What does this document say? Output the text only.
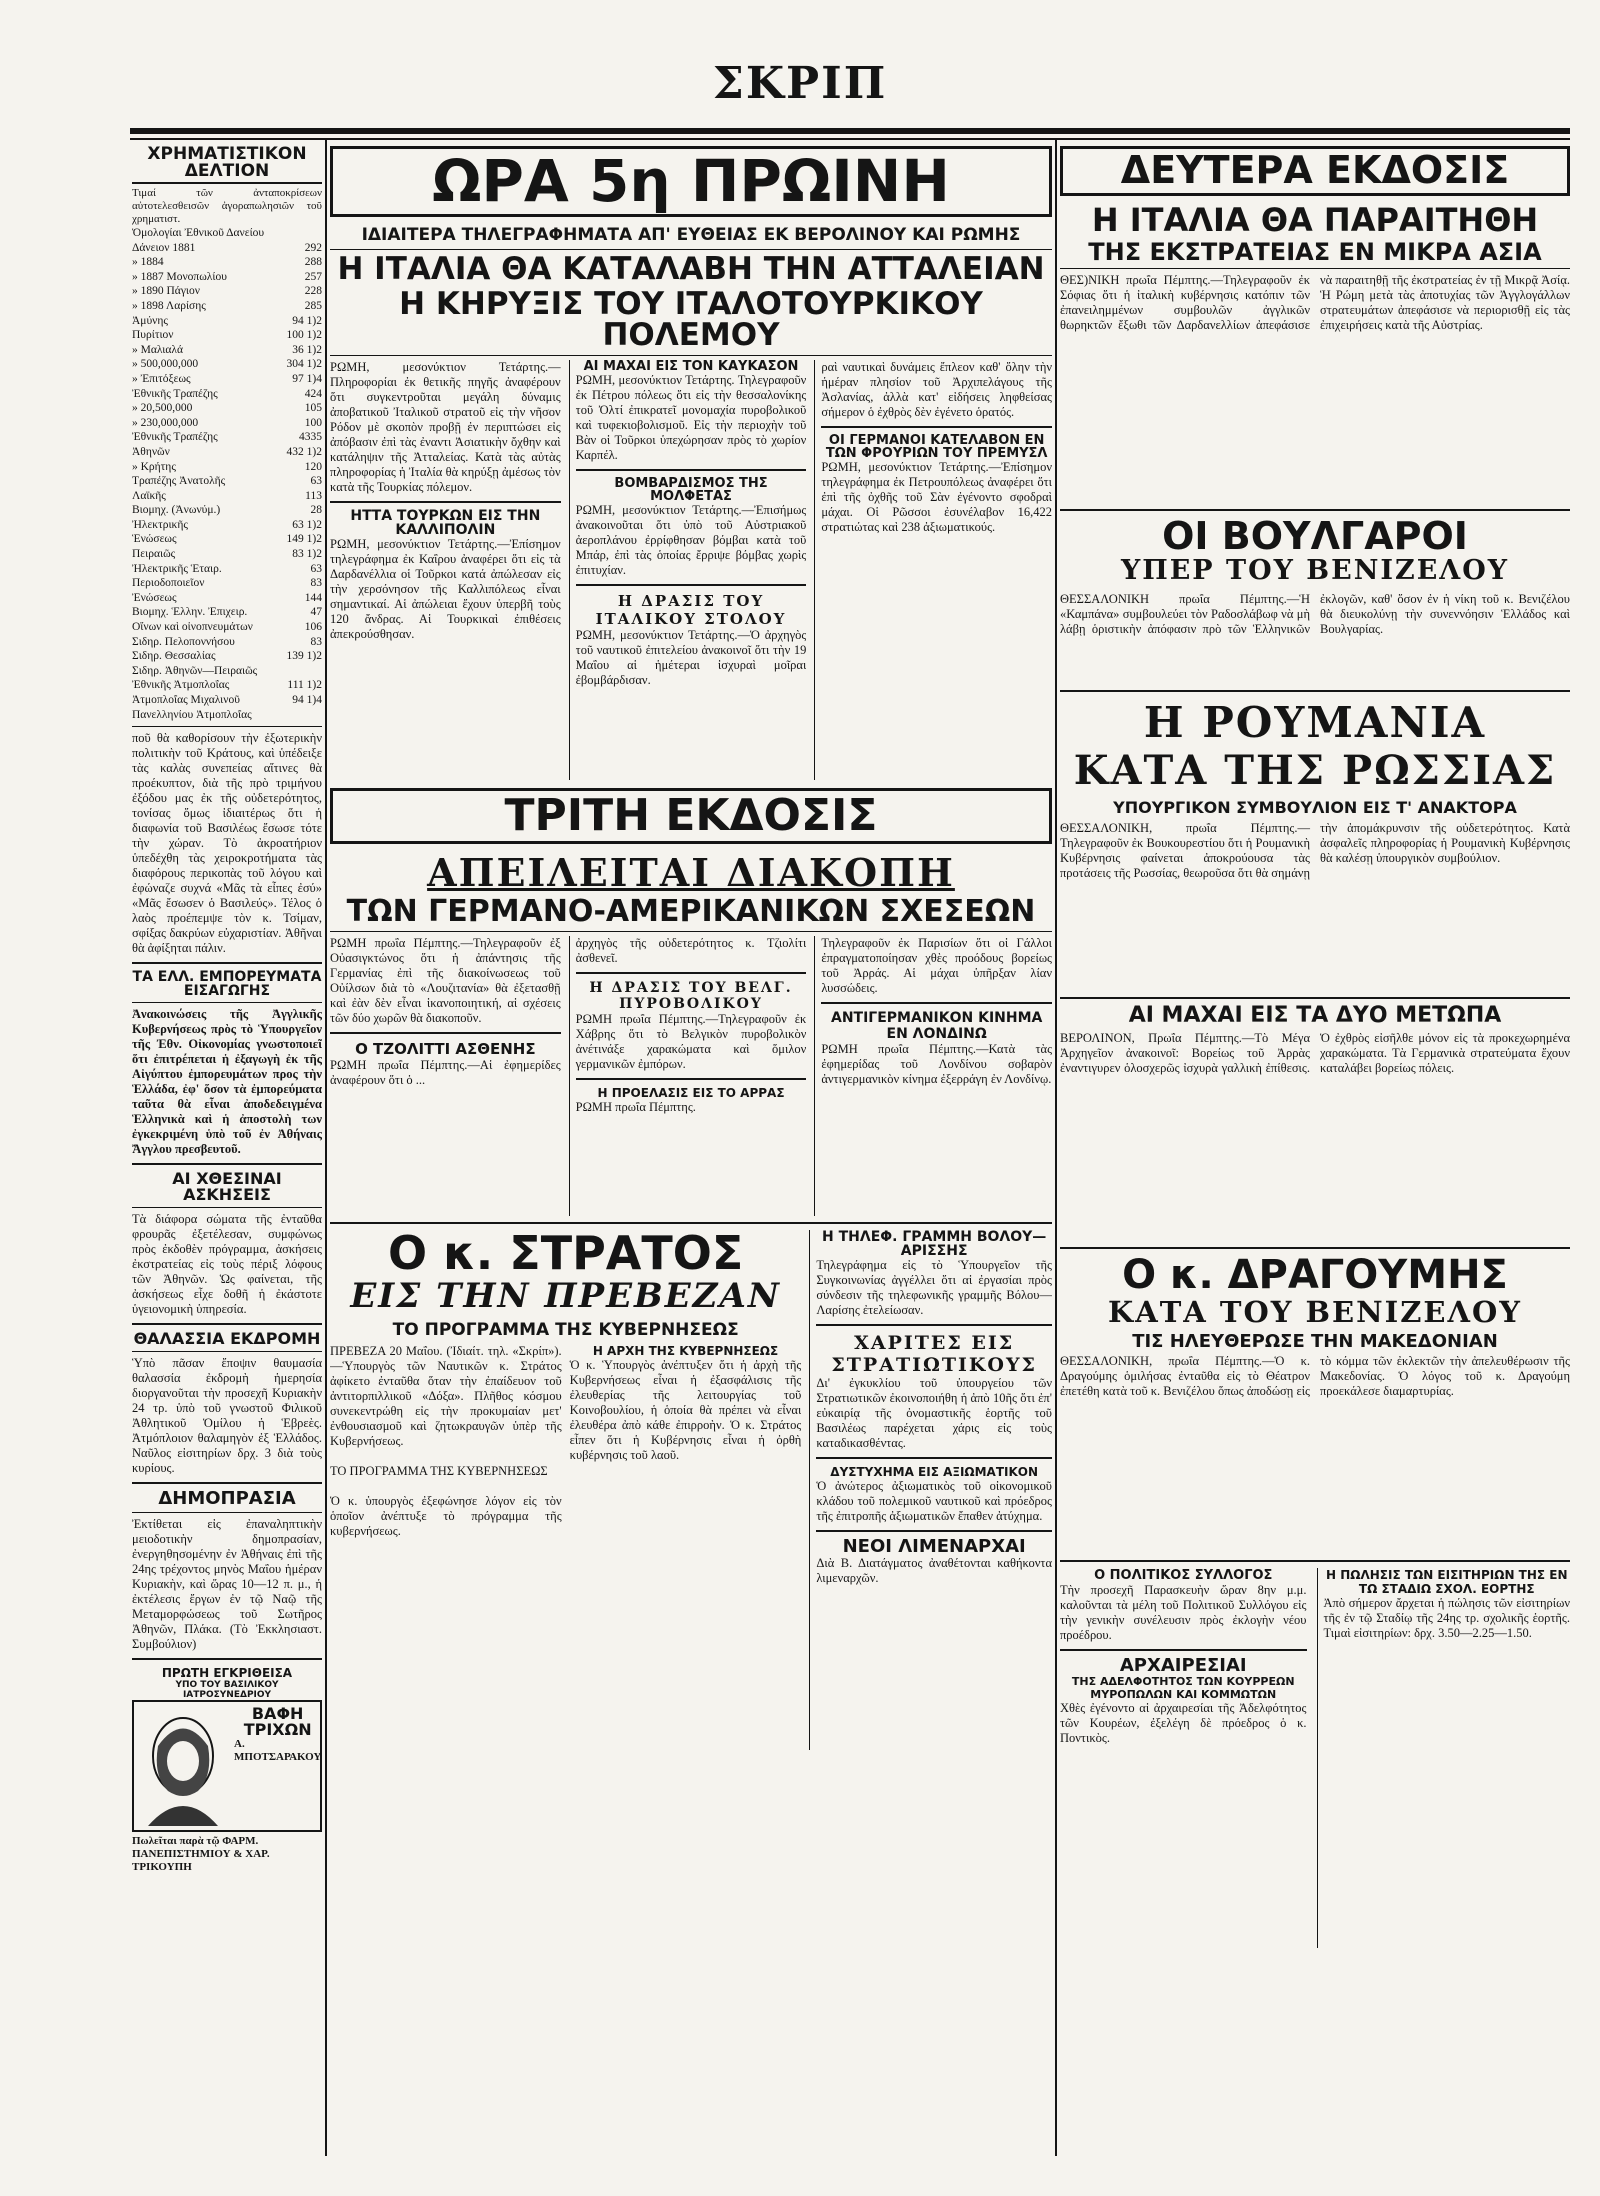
ΣΚΡΙΠ
ΧΡΗΜΑΤΙΣΤΙΚΟΝ ΔΕΛΤΙΟΝ
Τιμαί τῶν ἀνταποκρίσεων αὐτοτελεσθεισῶν ἀγοραπωλησιῶν τοῦ χρηματιστ.
Ὁμολογίαι Ἐθνικοῦ Δανείου
Δάνειον 1881	292
» 1884	288
» 1887 Μονοπωλίου	257
» 1890 Πάγιον	228
» 1898 Λαρίσης	285
Ἀμύνης	94 1)2
Πυρίτιον	100 1)2
» Μαλιαλά	36 1)2
» 500,000,000	304 1)2
» Ἐπιτόξεως	97 1)4
Ἐθνικῆς Τραπέζης	424
» 20,500,000	105
» 230,000,000	100
Ἐθνικῆς Τραπέζης	4335
Ἀθηνῶν	432 1)2
» Κρήτης	120
Τραπέζης Ἀνατολῆς	63
Λαϊκῆς	113
Βιομηχ. (Ἀνωνύμ.)	28
Ἠλεκτρικῆς	63 1)2
Ἑνώσεως	149 1)2
Πειραιῶς	83 1)2
Ἠλεκτρικῆς Ἑταιρ.	63
Περιοδοποιεῖον	83
Ἐνώσεως	144
Βιομηχ. Ἑλλην. Ἐπιχειρ.	47
Οἴνων καὶ οἰνοπνευμάτων	106
Σιδηρ. Πελοποννήσου	83
Σιδηρ. Θεσσαλίας	139 1)2
Σιδηρ. Ἀθηνῶν—Πειραιῶς
Ἐθνικῆς Ἀτμοπλοΐας	111 1)2
Ἀτμοπλοΐας Μιχαλινοῦ	94 1)4
Πανελληνίου Ἀτμοπλοΐας
ποῦ θὰ καθορίσουν τὴν ἐξωτερικὴν πολιτικὴν τοῦ Κράτους, καὶ ὑπέδειξε τὰς καλὰς συνεπείας αἵτινες θὰ προέκυπτον, διὰ τῆς πρὸ τριμήνου ἐξόδου μας ἐκ τῆς οὐδετερότητος, τονίσας ὅμως ἰδιαιτέρως ὅτι ἡ διαφωνία τοῦ Βασιλέως ἔσωσε τότε τὴν χώραν. Τὸ ἀκροατήριον ὑπεδέχθη τὰς χειροκροτήματα τὰς διαφόρους περικοπὰς τοῦ λόγου καὶ ἐφώναζε συχνά «Μᾶς τὰ εἶπες ἐσύ» «Μᾶς ἔσωσεν ὁ Βασιλεύς». Τέλος ὁ λαὸς προέπεμψε τὸν κ. Τσίμαν, σφίξας δακρύων εὐχαριστίαν. Ἀθῆναι θὰ ἀφίξηται πάλιν.
ΤΑ ΕΛΛ. ΕΜΠΟΡΕΥΜΑΤΑ ΕΙΣΑΓΩΓΗΣ
Ἀνακοινώσεις τῆς Ἀγγλικῆς Κυβερνήσεως πρὸς τὸ Ὑπουργεῖον τῆς Ἐθν. Οἰκονομίας γνωστοποιεῖ ὅτι ἐπιτρέπεται ἡ ἐξαγωγὴ ἐκ τῆς Αἰγύπτου ἐμπορευμάτων προς τὴν Ἑλλάδα, ἐφ' ὅσον τὰ ἐμπορεύματα ταῦτα θὰ εἶναι ἀποδεδειγμένα Ἑλληνικὰ καὶ ἡ ἀποστολὴ των ἐγκεκριμένη ὑπὸ τοῦ ἐν Ἀθήναις Ἄγγλου πρεσβευτοῦ.
ΑΙ ΧΘΕΣΙΝΑΙ ΑΣΚΗΣΕΙΣ
Τὰ διάφορα σώματα τῆς ἐνταῦθα φρουρᾶς ἐξετέλεσαν, συμφώνως πρὸς ἐκδοθὲν πρόγραμμα, ἀσκήσεις ἐκστρατείας εἰς τοὺς πέριξ λόφους τῶν Ἀθηνῶν. Ὡς φαίνεται, τῆς ἀσκήσεως εἶχε δοθῆ ἡ ἐκάστοτε ὑγειονομικὴ ὑπηρεσία.
ΘΑΛΑΣΣΙΑ ΕΚΔΡΟΜΗ
Ὑπὸ πᾶσαν ἔποψιν θαυμασία θαλασσία ἐκδρομὴ ἡμερησία διοργανοῦται τὴν προσεχῆ Κυριακὴν 24 τρ. ὑπὸ τοῦ γνωστοῦ Φιλικοῦ Ἀθλητικοῦ Ὁμίλου ἡ Ἑβρεὲς. Ἀτμόπλοιον θαλαμηγὸν ἐξ Ἑλλάδος. Ναῦλος εἰσιτηρίων δρχ. 3 διὰ τοὺς κυρίους.
ΔΗΜΟΠΡΑΣΙΑ
Ἐκτίθεται εἰς ἐπαναληπτικὴν μειοδοτικὴν δημοπρασίαν, ἐνεργηθησομένην ἐν Ἀθήναις ἐπὶ τῆς 24ης τρέχοντος μηνὸς Μαΐου ἡμέραν Κυριακὴν, καὶ ὥρας 10—12 π. μ., ἡ ἐκτέλεσις ἔργων ἐν τῷ Ναῷ τῆς Μεταμορφώσεως τοῦ Σωτῆρος Ἀθηνῶν, Πλάκα. (Τὸ Ἐκκλησιαστ. Συμβούλιον)
ΠΡΩΤΗ ΕΓΚΡΙΘΕΙΣΑ
ΥΠΟ ΤΟΥ ΒΑΣΙΛΙΚΟΥ ΙΑΤΡΟΣΥΝΕΔΡΙΟΥ
ΒΑΦΗ ΤΡΙΧΩΝ
Α. ΜΠΟΤΣΑΡΑΚΟΥ
Πωλεῖται παρὰ τῷ ΦΑΡΜ. ΠΑΝΕΠΙΣΤΗΜΙΟΥ & ΧΑΡ. ΤΡΙΚΟΥΠΗ
ΩΡΑ 5η ΠΡΩΙΝΗ
ΙΔΙΑΙΤΕΡΑ ΤΗΛΕΓΡΑΦΗΜΑΤΑ ΑΠ' ΕΥΘΕΙΑΣ ΕΚ ΒΕΡΟΛΙΝΟΥ ΚΑΙ ΡΩΜΗΣ
Η ΙΤΑΛΙΑ ΘΑ ΚΑΤΑΛΑΒΗ ΤΗΝ ΑΤΤΑΛΕΙΑΝ
Η ΚΗΡΥΞΙΣ ΤΟΥ ΙΤΑΛΟΤΟΥΡΚΙΚΟΥ ΠΟΛΕΜΟΥ
ΡΩΜΗ, μεσονύκτιον Τετάρτης.—Πληροφορίαι ἐκ θετικῆς πηγῆς ἀναφέρουν ὅτι συγκεντροῦται μεγάλη δύναμις ἀποβατικοῦ Ἰταλικοῦ στρατοῦ εἰς τὴν νῆσον Ρόδον μὲ σκοπὸν προβῇ ἐν περιπτώσει εἰς ἀπόβασιν ἐπὶ τὰς ἐναντι Ἀσιατικὴν ὄχθην καὶ κατάληψιν τῆς Ἀτταλείας. Κατὰ τὰς αὐτὰς πληροφορίας ἡ Ἰταλία θὰ κηρύξῃ ἀμέσως τὸν κατὰ τῆς Τουρκίας πόλεμον.
ΗΤΤΑ ΤΟΥΡΚΩΝ ΕΙΣ ΤΗΝ ΚΑΛΛΙΠΟΛΙΝ
ΡΩΜΗ, μεσονύκτιον Τετάρτης.—Ἐπίσημον τηλεγράφημα ἐκ Καΐρου ἀναφέρει ὅτι εἰς τὰ Δαρδανέλλια οἱ Τοῦρκοι κατά ἀπώλεσαν εἰς τὴν χερσόνησον τῆς Καλλιπόλεως εἶναι σημαντικαί. Αἱ ἀπώλειαι ἔχουν ὑπερβῆ τοὺς 120 ἄνδρας. Αἱ Τουρκικαὶ ἐπιθέσεις ἀπεκρούσθησαν.
ΑΙ ΜΑΧΑΙ ΕΙΣ ΤΟΝ ΚΑΥΚΑΣΟΝ
ΡΩΜΗ, μεσονύκτιον Τετάρτης. Τηλεγραφοῦν ἐκ Πέτρου πόλεως ὅτι εἰς τὴν θεσσαλονίκης τοῦ Ὀλτί ἐπικρατεῖ μονομαχία πυροβολικοῦ καὶ τυφεκιοβολισμοῦ. Εἰς τὴν περιοχὴν τοῦ Βὰν οἱ Τοῦρκοι ὑπεχώρησαν πρὸς τὸ χωρίον Καρπέλ.
ΒΟΜΒΑΡΔΙΣΜΟΣ ΤΗΣ ΜΟΛΦΕΤΑΣ
ΡΩΜΗ, μεσονύκτιον Τετάρτης.—Ἐπισήμως ἀνακοινοῦται ὅτι ὑπὸ τοῦ Αὐστριακοῦ ἀεροπλάνου ἐρρίφθησαν βόμβαι κατὰ τοῦ Μπάρ, ἐπὶ τὰς ὁποίας ἔρριψε βόμβας χωρὶς ἐπιτυχίαν.
Η ΔΡΑΣΙΣ ΤΟΥ ΙΤΑΛΙΚΟΥ ΣΤΟΛΟΥ
ΡΩΜΗ, μεσονύκτιον Τετάρτης.—Ὁ ἀρχηγὸς τοῦ ναυτικοῦ ἐπιτελείου ἀνακοινοῖ ὅτι τὴν 19 Μαΐου αἱ ἡμέτεραι ἰσχυραὶ μοῖραι ἐβομβάρδισαν.
ραὶ ναυτικαὶ δυνάμεις ἔπλεον καθ' ὅλην τὴν ἡμέραν πλησίον τοῦ Ἀρχιπελάγους τῆς Ἀσλανίας, ἀλλὰ κατ' εἰδήσεις ληφθείσας σήμερον ὁ ἐχθρὸς δὲν ἐγένετο ὁρατός.
ΟΙ ΓΕΡΜΑΝΟΙ ΚΑΤΕΛΑΒΟΝ ΕΝ ΤΩΝ ΦΡΟΥΡΙΩΝ ΤΟΥ ΠΡΕΜΥΣΛ
ΡΩΜΗ, μεσονύκτιον Τετάρτης.—Ἐπίσημον τηλεγράφημα ἐκ Πετρουπόλεως ἀναφέρει ὅτι ἐπὶ τῆς ὀχθῆς τοῦ Σὰν ἐγένοντο σφοδραὶ μάχαι. Οἱ Ρῶσσοι ἐσυνέλαβον 16,422 στρατιώτας καὶ 238 ἀξιωματικούς.
ΤΡΙΤΗ ΕΚΔΟΣΙΣ
ΑΠΕΙΛΕΙΤΑΙ ΔΙΑΚΟΠΗ
ΤΩΝ ΓΕΡΜΑΝΟ-ΑΜΕΡΙΚΑΝΙΚΩΝ ΣΧΕΣΕΩΝ
ΡΩΜΗ πρωΐα Πέμπτης.—Τηλεγραφοῦν ἐξ Οὐασιγκτώνος ὅτι ἡ ἀπάντησις τῆς Γερμανίας ἐπὶ τῆς διακοίνωσεως τοῦ Οὐίλσων διὰ τὸ «Λουζιτανία» θὰ ἐξετασθῇ καὶ ἐὰν δὲν εἶναι ἱκανοποιητική, αἱ σχέσεις τῶν δύο χωρῶν θὰ διακοποῦν.
Ο ΤΖΟΛΙΤΤΙ ΑΣΘΕΝΗΣ
ΡΩΜΗ πρωΐα Πέμπτης.—Αἱ ἐφημερίδες ἀναφέρουν ὅτι ὁ ...
ἀρχηγὸς τῆς οὐδετερότητος κ. Τζιολίτι ἀσθενεῖ.
Η ΔΡΑΣΙΣ ΤΟΥ ΒΕΛΓ. ΠΥΡΟΒΟΛΙΚΟΥ
ΡΩΜΗ πρωΐα Πέμπτης.—Τηλεγραφοῦν ἐκ Χάβρης ὅτι τὸ Βελγικὸν πυροβολικὸν ἀνέτινάξε χαρακώματα καὶ ὅμιλον γερμανικῶν ἐμπόρων.
Η ΠΡΟΕΛΑΣΙΣ ΕΙΣ ΤΟ ΑΡΡΑΣ
ΡΩΜΗ πρωΐα Πέμπτης.
Τηλεγραφοῦν ἐκ Παρισίων ὅτι οἱ Γάλλοι ἐπραγματοποίησαν χθὲς προόδους βορείως τοῦ Ἀρράς. Αἱ μάχαι ὑπῆρξαν λίαν λυσσώδεις.
ΑΝΤΙΓΕΡΜΑΝΙΚΟΝ ΚΙΝΗΜΑ ΕΝ ΛΟΝΔΙΝΩ
ΡΩΜΗ πρωΐα Πέμπτης.—Κατὰ τὰς ἐφημερίδας τοῦ Λονδίνου σοβαρὸν ἀντιγερμανικὸν κίνημα ἐξερράγη ἐν Λονδίνῳ.
Ο κ. ΣΤΡΑΤΟΣ
ΕΙΣ ΤΗΝ ΠΡΕΒΕΖΑΝ
ΤΟ ΠΡΟΓΡΑΜΜΑ ΤΗΣ ΚΥΒΕΡΝΗΣΕΩΣ
ΠΡΕΒΕΖΑ 20 Μαΐου. (Ἰδιαίτ. τηλ. «Σκρίπ»).—Ὑπουργὸς τῶν Ναυτικῶν κ. Στράτος ἀφίκετο ἐνταῦθα ὅταν τὴν ἐπαίδευον τοῦ ἀντιτορπιλλικοῦ «Δόξα». Πλῆθος κόσμου συνεκεντρώθη εἰς τὴν προκυμαίαν μετ' ἐνθουσιασμοῦ καὶ ζητωκραυγῶν ὑπὲρ τῆς Κυβερνήσεως.

ΤΟ ΠΡΟΓΡΑΜΜΑ ΤΗΣ ΚΥΒΕΡΝΗΣΕΩΣ

Ὁ κ. ὑπουργὸς ἐξεφώνησε λόγον εἰς τὸν ὁποῖον ἀνέπτυξε τὸ πρόγραμμα τῆς κυβερνήσεως.
Η ΑΡΧΗ ΤΗΣ ΚΥΒΕΡΝΗΣΕΩΣ
Ὁ κ. Ὑπουργὸς ἀνέπτυξεν ὅτι ἡ ἀρχὴ τῆς Κυβερνήσεως εἶναι ἡ ἐξασφάλισις τῆς ἐλευθερίας τῆς λειτουργίας τοῦ Κοινοβουλίου, ἡ ὁποία θὰ πρέπει νὰ εἶναι ἐλευθέρα ἀπὸ κάθε ἐπιρροὴν. Ὁ κ. Στράτος εἶπεν ὅτι ἡ Κυβέρνησις εἶναι ἡ ὀρθὴ κυβέρνησις τοῦ λαοῦ.
Η ΤΗΛΕΦ. ΓΡΑΜΜΗ ΒΟΛΟΥ—ΑΡΙΣΣΗΣ
Τηλεγράφημα εἰς τὸ Ὑπουργεῖον τῆς Συγκοινωνίας ἀγγέλλει ὅτι αἱ ἐργασίαι πρὸς σύνδεσιν τῆς τηλεφωνικῆς γραμμῆς Βόλου—Λαρίσης ἐτελείωσαν.
ΧΑΡΙΤΕΣ ΕΙΣ ΣΤΡΑΤΙΩΤΙΚΟΥΣ
Δι' ἐγκυκλίου τοῦ ὑπουργείου τῶν Στρατιωτικῶν ἐκοινοποιήθη ἡ ἀπὸ 10ῆς ὅτι ἐπ' εὐκαιρίᾳ τῆς ὀνομαστικῆς ἑορτῆς τοῦ Βασιλέως παρέχεται χάρις εἰς τοὺς καταδικασθέντας.
ΔΥΣΤΥΧΗΜΑ ΕΙΣ ΑΞΙΩΜΑΤΙΚΟΝ
Ὁ ἀνώτερος ἀξιωματικὸς τοῦ οἰκονομικοῦ κλάδου τοῦ πολεμικοῦ ναυτικοῦ καὶ πρόεδρος τῆς ἐπιτροπῆς ἀξιωματικῶν ἔπαθεν ἀτύχημα.
ΝΕΟΙ ΛΙΜΕΝΑΡΧΑΙ
Διὰ Β. Διατάγματος ἀναθέτονται καθήκοντα λιμεναρχῶν.
ΔΕΥΤΕΡΑ ΕΚΔΟΣΙΣ
Η ΙΤΑΛΙΑ ΘΑ ΠΑΡΑΙΤΗΘΗ
ΤΗΣ ΕΚΣΤΡΑΤΕΙΑΣ ΕΝ ΜΙΚΡΑ ΑΣΙΑ
ΘΕΣ)ΝΙΚΗ πρωΐα Πέμπτης.—Τηλεγραφοῦν ἐκ Σόφιας ὅτι ἡ ἰταλικὴ κυβέρνησις κατόπιν τῶν ἐπανειλημμένων συμβουλῶν ἀγγλικῶν θωρηκτῶν ἔξωθι τῶν Δαρδανελλίων ἀπεφάσισε νὰ παραιτηθῇ τῆς ἐκστρατείας ἐν τῇ Μικρᾷ Ἀσίᾳ. Ἡ Ρώμη μετὰ τὰς ἀποτυχίας τῶν Ἀγγλογάλλων στρατευμάτων ἀπεφάσισε νὰ περιορισθῇ εἰς τὰς ἐπιχειρήσεις κατὰ τῆς Αὐστρίας.
ΟΙ ΒΟΥΛΓΑΡΟΙ
ΥΠΕΡ ΤΟΥ ΒΕΝΙΖΕΛΟΥ
ΘΕΣΣΑΛΟΝΙΚΗ πρωΐα Πέμπτης.—Ἡ «Καμπάνα» συμβουλεύει τὸν Ραδοσλάβωφ νὰ μὴ λάβῃ ὁριστικὴν ἀπόφασιν πρὸ τῶν Ἑλληνικῶν ἐκλογῶν, καθ' ὅσον ἐν ἡ νίκη τοῦ κ. Βενιζέλου θὰ διευκολύνῃ τὴν συνεννόησιν Ἑλλάδος καὶ Βουλγαρίας.
Η ΡΟΥΜΑΝΙΑ
ΚΑΤΑ ΤΗΣ ΡΩΣΣΙΑΣ
ΥΠΟΥΡΓΙΚΟΝ ΣΥΜΒΟΥΛΙΟΝ ΕΙΣ Τ' ΑΝΑΚΤΟΡΑ
ΘΕΣΣΑΛΟΝΙΚΗ, πρωΐα Πέμπτης.—Τηλεγραφοῦν ἐκ Βουκουρεστίου ὅτι ἡ Ρουμανικὴ Κυβέρνησις φαίνεται ἀποκρούουσα τὰς προτάσεις τῆς Ρωσσίας, θεωροῦσα ὅτι θὰ σημάνῃ τὴν ἀπομάκρυνσιν τῆς οὐδετερότητος. Κατὰ ἀσφαλεῖς πληροφορίας ἡ Ρουμανικὴ Κυβέρνησις θὰ καλέσῃ ὑπουργικὸν συμβούλιον.
ΑΙ ΜΑΧΑΙ ΕΙΣ ΤΑ ΔΥΟ ΜΕΤΩΠΑ
ΒΕΡΟΛΙΝΟΝ, Πρωΐα Πέμπτης.—Τὸ Μέγα Ἀρχηγεῖον ἀνακοινοῖ: Βορείως τοῦ Ἀρρὰς ἐναντιγυρεν ὁλοσχερῶς ἰσχυρὰ γαλλικὴ ἐπίθεσις. Ὁ ἐχθρὸς εἰσῆλθε μόνον εἰς τὰ προκεχωρημένα χαρακώματα. Τὰ Γερμανικὰ στρατεύματα ἔχουν καταλάβει βορείως πόλεις.
Ο κ. ΔΡΑΓΟΥΜΗΣ
ΚΑΤΑ ΤΟΥ ΒΕΝΙΖΕΛΟΥ
ΤΙΣ ΗΛΕΥΘΕΡΩΣΕ ΤΗΝ ΜΑΚΕΔΟΝΙΑΝ
ΘΕΣΣΑΛΟΝΙΚΗ, πρωΐα Πέμπτης.—Ὁ κ. Δραγούμης ὁμιλήσας ἐνταῦθα εἰς τὸ Θέατρον ἐπετέθη κατὰ τοῦ κ. Βενιζέλου ὅπως ἀποδώσῃ εἰς τὸ κόμμα τῶν ἐκλεκτῶν τὴν ἀπελευθέρωσιν τῆς Μακεδονίας. Ὁ λόγος τοῦ κ. Δραγούμη προεκάλεσε διαμαρτυρίας.
Ο ΠΟΛΙΤΙΚΟΣ ΣΥΛΛΟΓΟΣ
Τὴν προσεχῆ Παρασκευὴν ὥραν 8ην μ.μ. καλοῦνται τὰ μέλη τοῦ Πολιτικοῦ Συλλόγου εἰς τὴν γενικὴν συνέλευσιν πρὸς ἐκλογὴν νέου προέδρου.
ΑΡΧΑΙΡΕΣΙΑΙ
ΤΗΣ ΑΔΕΛΦΟΤΗΤΟΣ ΤΩΝ ΚΟΥΡΡΕΩΝ ΜΥΡΟΠΩΛΩΝ ΚΑΙ ΚΟΜΜΩΤΩΝ
Χθὲς ἐγένοντο αἱ ἀρχαιρεσίαι τῆς Ἀδελφότητος τῶν Κουρέων, ἐξελέγη δὲ πρόεδρος ὁ κ. Ποντικὸς.
Η ΠΩΛΗΣΙΣ ΤΩΝ ΕΙΣΙΤΗΡΙΩΝ ΤΗΣ ΕΝ ΤΩ ΣΤΑΔΙΩ ΣΧΟΛ. ΕΟΡΤΗΣ
Ἀπὸ σήμερον ἄρχεται ἡ πώλησις τῶν εἰσιτηρίων τῆς ἐν τῷ Σταδίῳ τῆς 24ης τρ. σχολικῆς ἑορτῆς. Τιμαὶ εἰσιτηρίων: δρχ. 3.50—2.25—1.50.
